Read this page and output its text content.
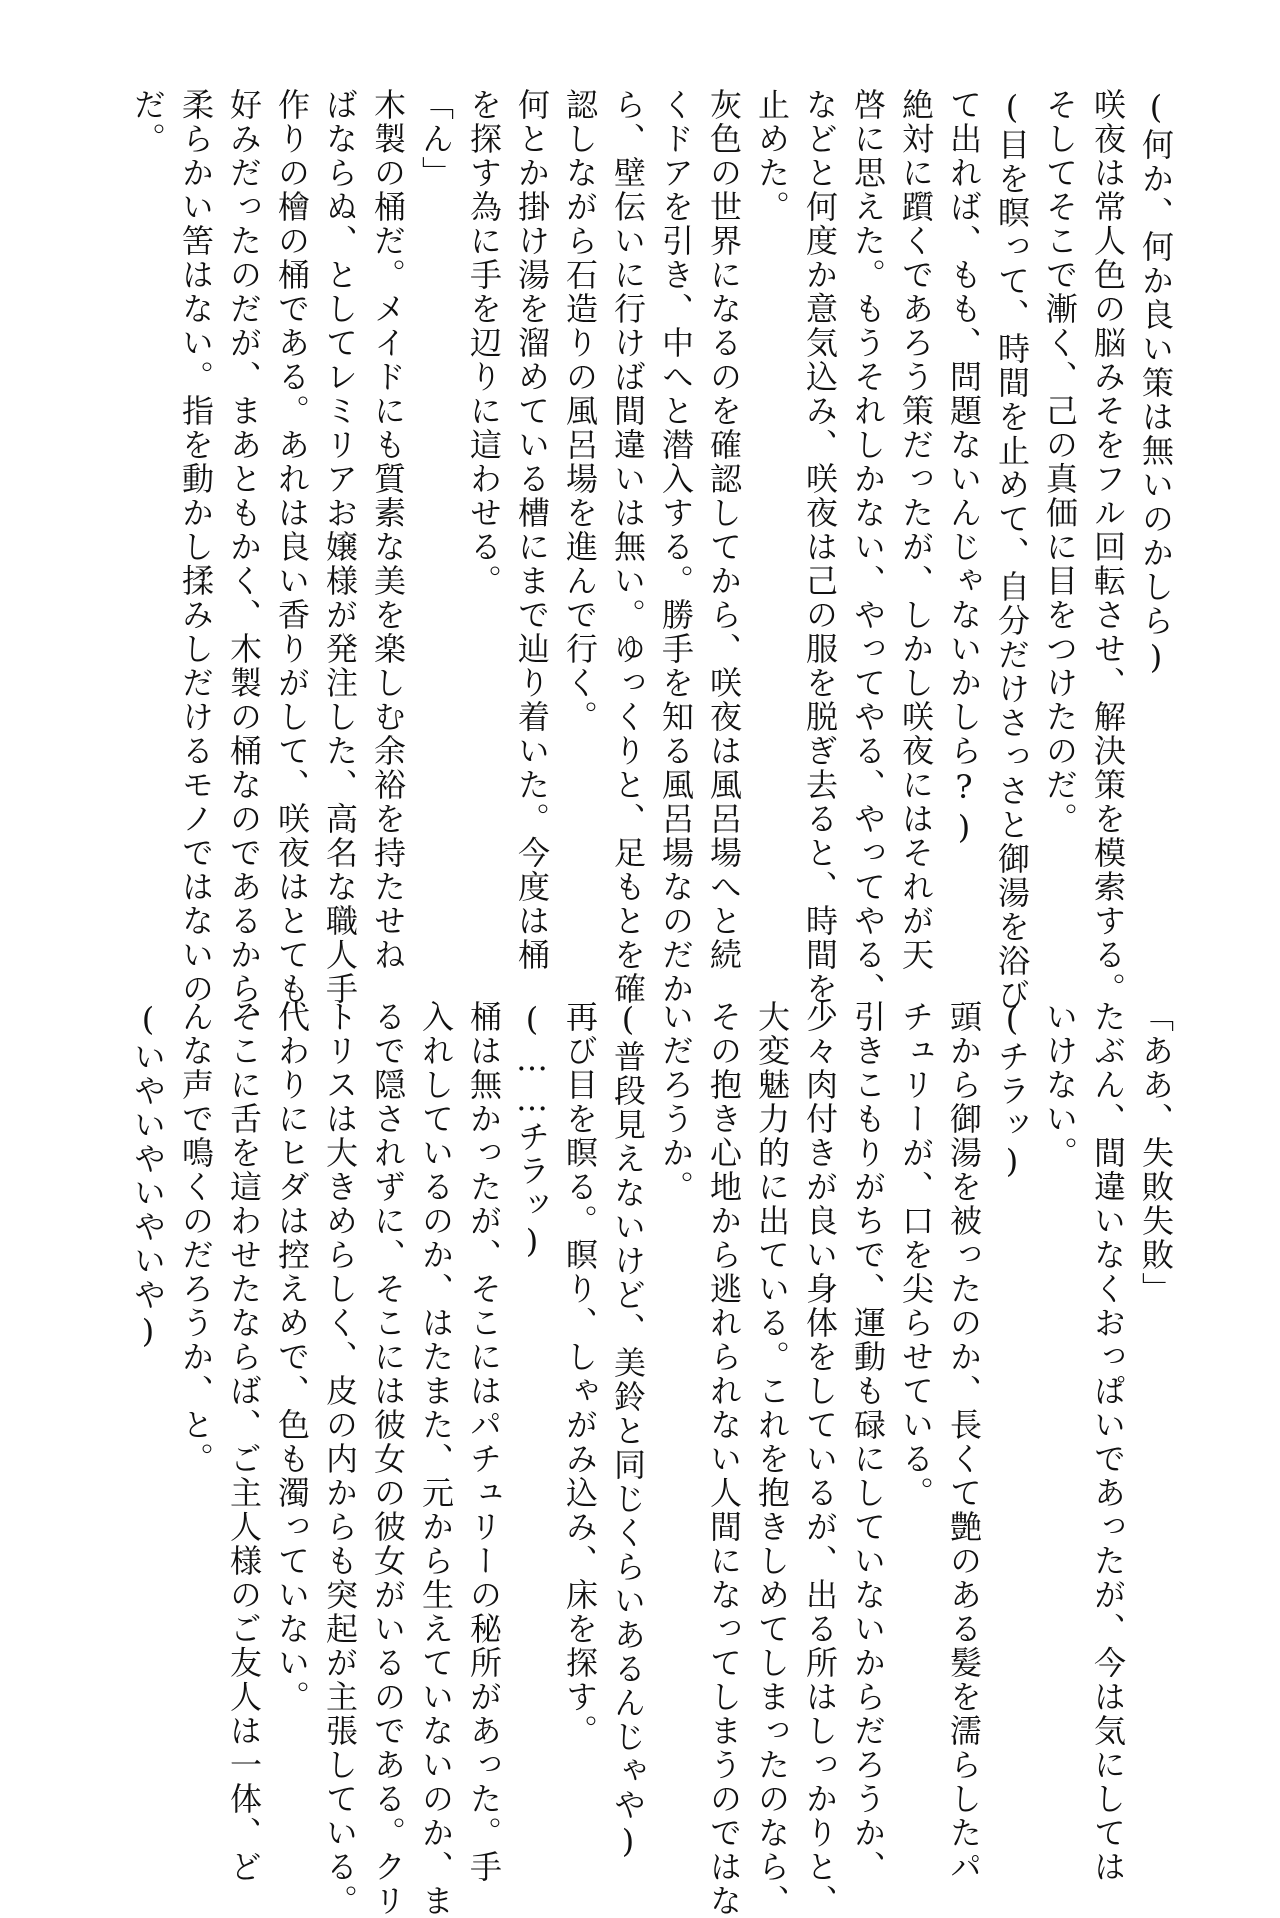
(何か、何か良い策は無いのかしら)
咲夜は常人色の脳みそをフル回転させ、解決策を模索する。
そしてそこで漸く、己の真価に目をつけたのだ。
(目を瞑って、時間を止めて、自分だけさっさと御湯を浴び
て出れば、もも、問題ないんじゃないかしら?)
絶対に躓くであろう策だったが、しかし咲夜にはそれが天
啓に思えた。もうそれしかない、やってやる、やってやる、
などと何度か意気込み、咲夜は己の服を脱ぎ去ると、時間を
止めた。
灰色の世界になるのを確認してから、咲夜は風呂場へと続
くドアを引き、中へと潜入する。勝手を知る風呂場なのだか
ら、壁伝いに行けば間違いは無い。ゆっくりと、足もとを確
認しながら石造りの風呂場を進んで行く。
何とか掛け湯を溜めている槽にまで辿り着いた。今度は桶
を探す為に手を辺りに這わせる。
「ん」
木製の桶だ。メイドにも質素な美を楽しむ余裕を持たせね
ばならぬ、としてレミリアお嬢様が発注した、高名な職人手
作りの檜の桶である。あれは良い香りがして、咲夜はとても
好みだったのだが、まあともかく、木製の桶なのであるから、
柔らかい筈はない。指を動かし揉みしだけるモノではないの
だ。
「ああ、失敗失敗」
たぶん、間違いなくおっぱいであったが、今は気にしては
いけない。
(チラッ)
頭から御湯を被ったのか、長くて艶のある髪を濡らしたパ
チュリーが、口を尖らせている。
引きこもりがちで、運動も碌にしていないからだろうか、
少々肉付きが良い身体をしているが、出る所はしっかりと、
大変魅力的に出ている。これを抱きしめてしまったのなら、
その抱き心地から逃れられない人間になってしまうのではな
いだろうか。
(普段見えないけど、美鈴と同じくらいあるんじゃや)
再び目を瞑る。瞑り、しゃがみ込み、床を探す。
(……チラッ)
桶は無かったが、そこにはパチュリーの秘所があった。手
入れしているのか、はたまた、元から生えていないのか、ま
るで隠されずに、そこには彼女の彼女がいるのである。クリ
トリスは大きめらしく、皮の内からも突起が主張している。
代わりにヒダは控えめで、色も濁っていない。
そこに舌を這わせたならば、ご主人様のご友人は一体、ど
んな声で鳴くのだろうか、と。
(いやいやいやいや)
